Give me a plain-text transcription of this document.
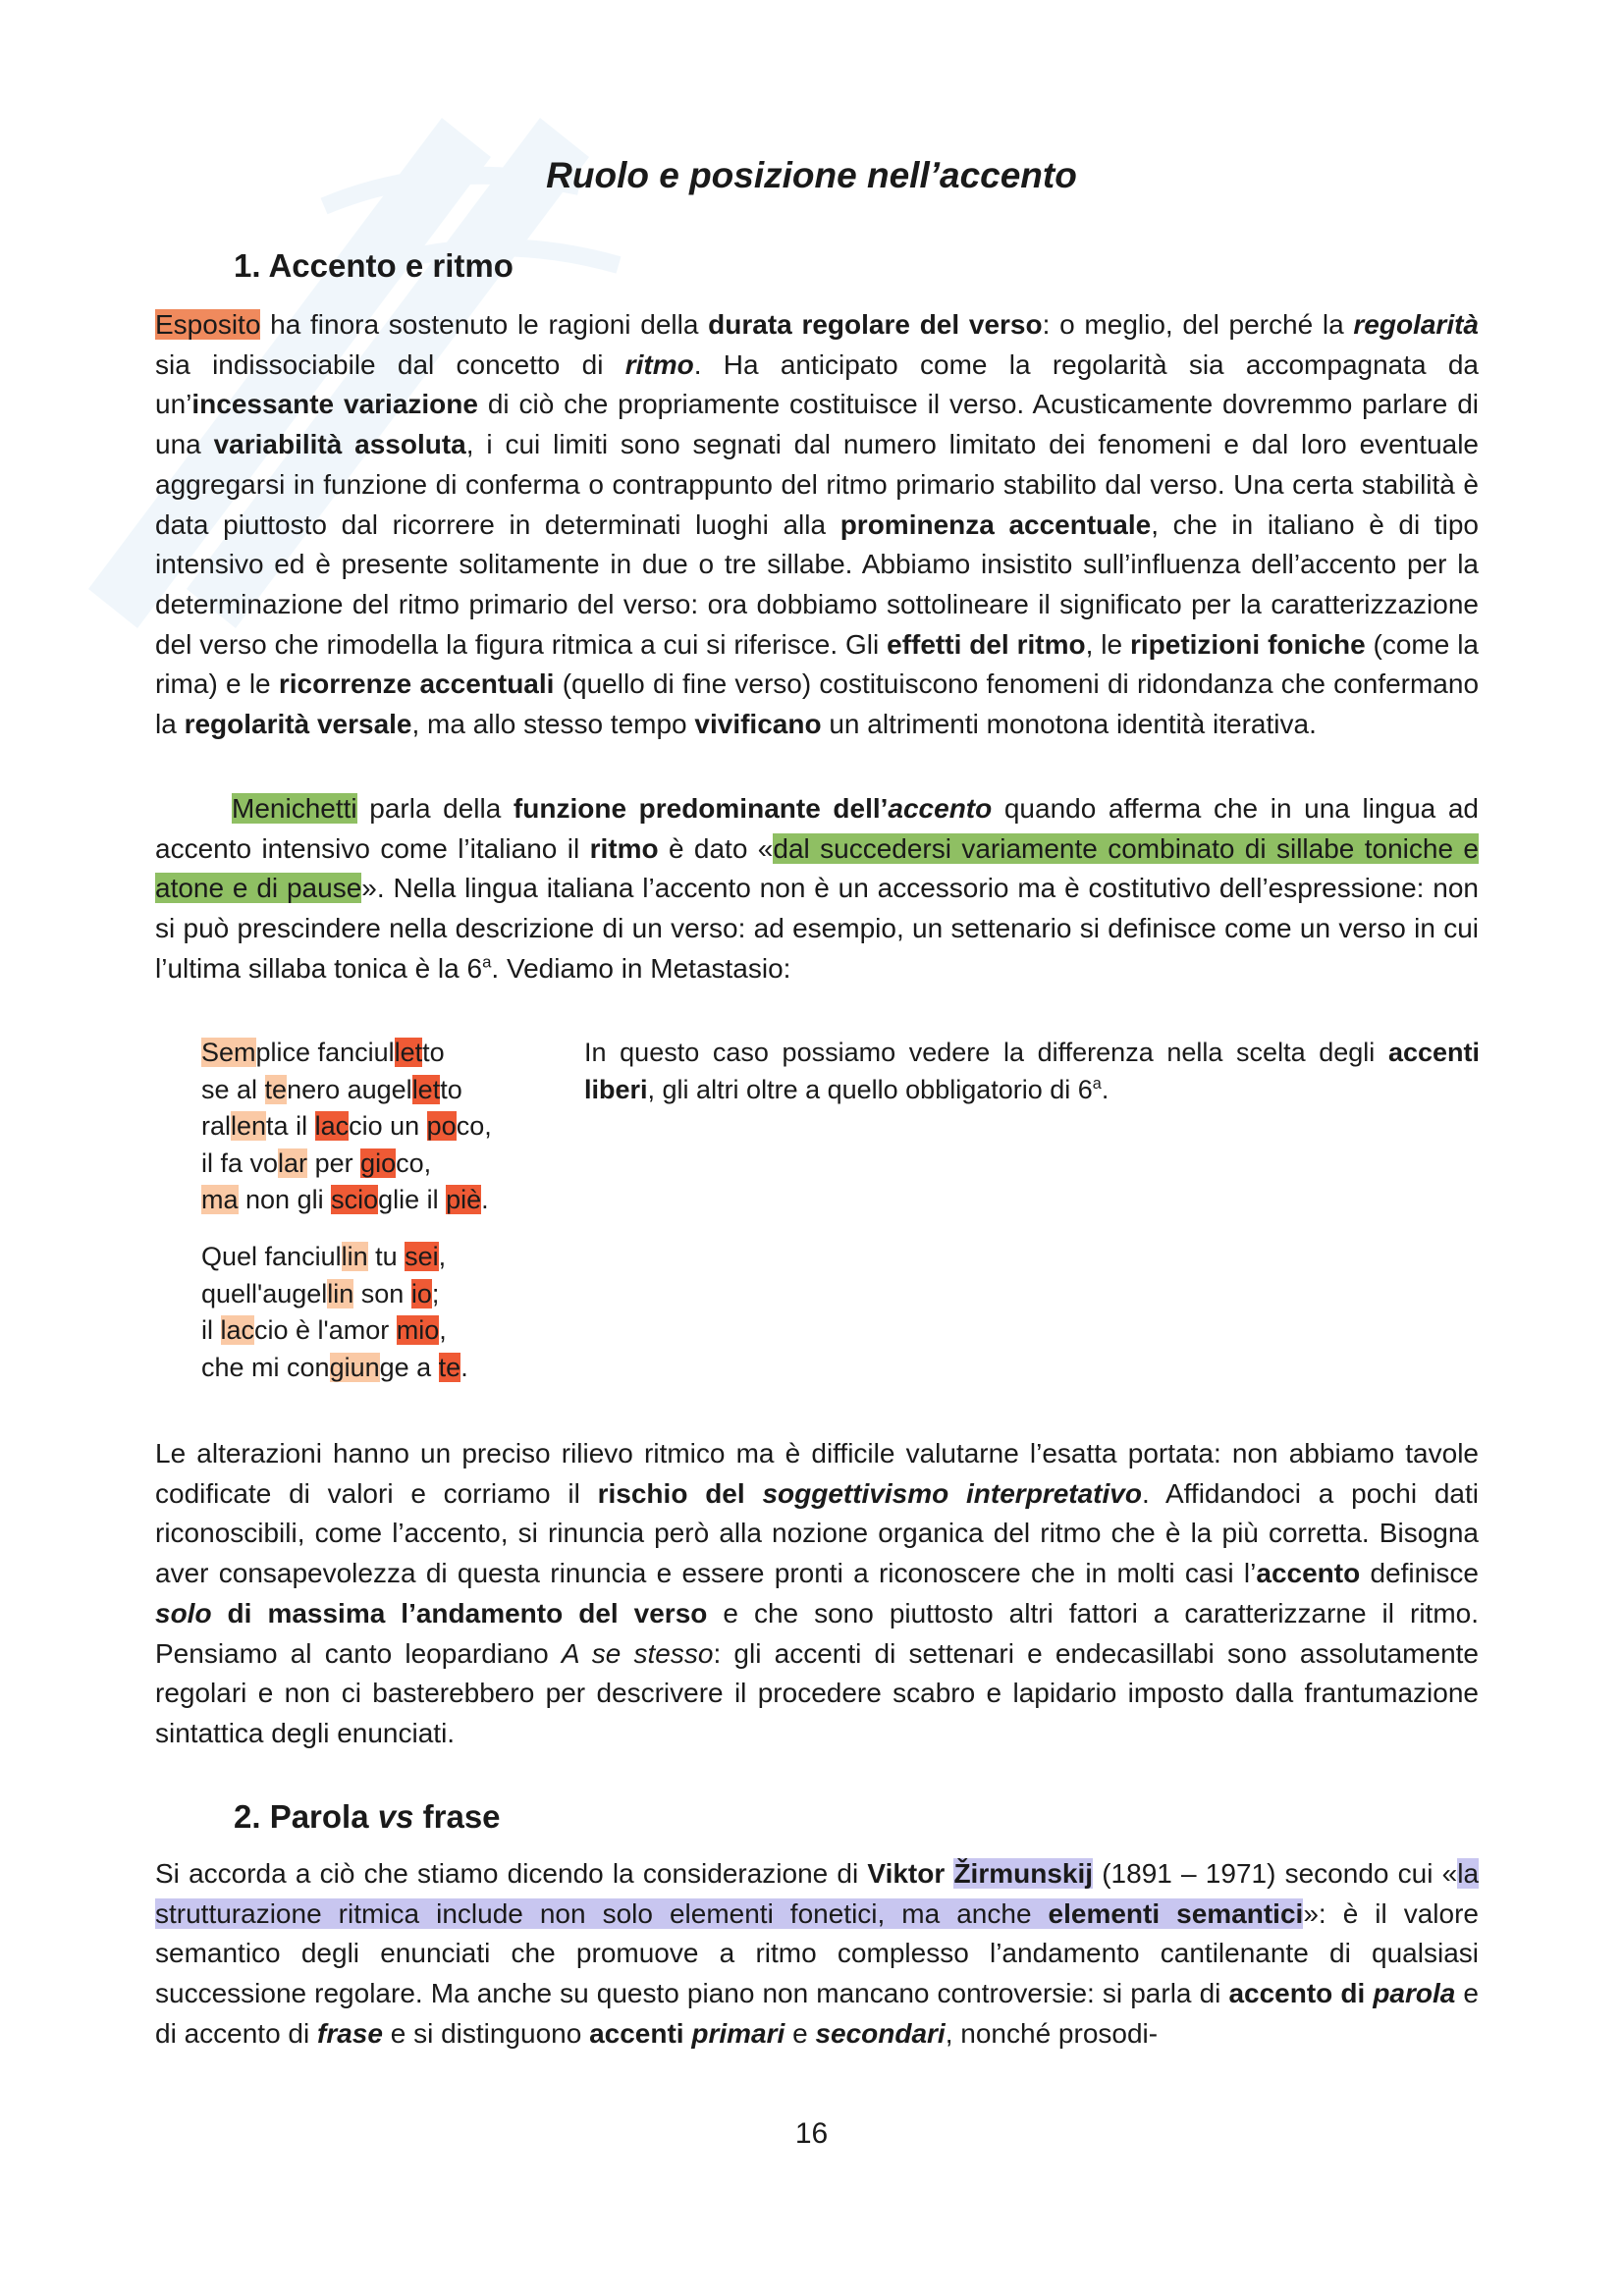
Ruolo e posizione nell’accento
1. Accento e ritmo
Esposito ha finora sostenuto le ragioni della durata regolare del verso: o meglio, del perché la regolarità sia indissociabile dal concetto di ritmo. Ha anticipato come la regolarità sia accompagnata da un’incessante variazione di ciò che propriamente costituisce il verso. Acusticamente dovremmo parlare di una variabilità assoluta, i cui limiti sono segnati dal numero limitato dei fenomeni e dal loro eventuale aggregarsi in funzione di conferma o contrappunto del ritmo primario stabilito dal verso. Una certa stabilità è data piuttosto dal ricorrere in determinati luoghi alla prominenza accentuale, che in italiano è di tipo intensivo ed è presente solitamente in due o tre sillabe. Abbiamo insistito sull’influenza dell’accento per la determinazione del ritmo primario del verso: ora dobbiamo sottolineare il significato per la caratterizzazione del verso che rimodella la figura ritmica a cui si riferisce. Gli effetti del ritmo, le ripetizioni foniche (come la rima) e le ricorrenze accentuali (quello di fine verso) costituiscono fenomeni di ridondanza che confermano la regolarità versale, ma allo stesso tempo vivificano un altrimenti monotona identità iterativa.
Menichetti parla della funzione predominante dell’accento quando afferma che in una lingua ad accento intensivo come l’italiano il ritmo è dato «dal succedersi variamente combinato di sillabe toniche e atone e di pause». Nella lingua italiana l’accento non è un accessorio ma è costitutivo dell’espressione: non si può prescindere nella descrizione di un verso: ad esempio, un settenario si definisce come un verso in cui l’ultima sillaba tonica è la 6$^a$. Vediamo in Metastasio:
Semplice fanciulletto
se al tenero augelletto
rallenta il laccio un poco,
il fa volar per gioco,
ma non gli scioglie il piè.
Quel fanciullin tu sei,
quell'augellin son io;
il laccio è l'amor mio,
che mi congiunge a te.
In questo caso possiamo vedere la differenza nella scelta degli accenti liberi, gli altri oltre a quello obbligatorio di 6$^a$.
Le alterazioni hanno un preciso rilievo ritmico ma è difficile valutarne l’esatta portata: non abbiamo tavole codificate di valori e corriamo il rischio del soggettivismo interpretativo. Affidandoci a pochi dati riconoscibili, come l’accento, si rinuncia però alla nozione organica del ritmo che è la più corretta. Bisogna aver consapevolezza di questa rinuncia e essere pronti a riconoscere che in molti casi l’accento definisce solo di massima l’andamento del verso e che sono piuttosto altri fattori a caratterizzarne il ritmo. Pensiamo al canto leopardiano A se stesso: gli accenti di settenari e endecasillabi sono assolutamente regolari e non ci basterebbero per descrivere il procedere scabro e lapidario imposto dalla frantumazione sintattica degli enunciati.
2. Parola vs frase
Si accorda a ciò che stiamo dicendo la considerazione di Viktor Žirmunskij (1891 – 1971) secondo cui «la strutturazione ritmica include non solo elementi fonetici, ma anche elementi semantici»: è il valore semantico degli enunciati che promuove a ritmo complesso l’andamento cantilenante di qualsiasi successione regolare. Ma anche su questo piano non mancano controversie: si parla di accento di parola e di accento di frase e si distinguono accenti primari e secondari, nonché prosodi-
16
